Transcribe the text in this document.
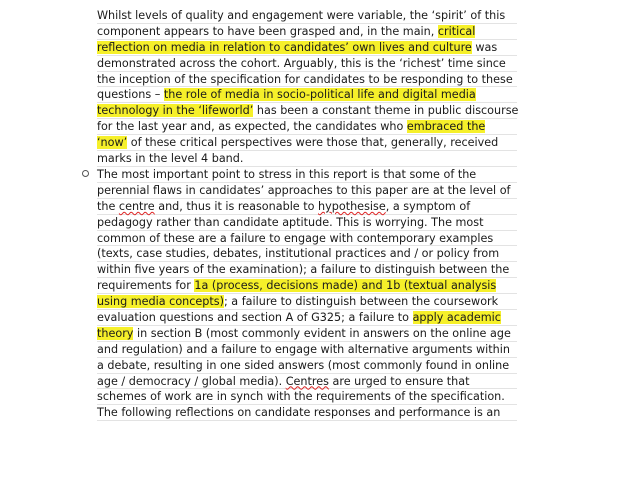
Whilst levels of quality and engagement were variable, the ‘spirit’ of this
component appears to have been grasped and, in the main, critical
reflection on media in relation to candidates’ own lives and culture was
demonstrated across the cohort. Arguably, this is the ‘richest’ time since
the inception of the specification for candidates to be responding to these
questions – the role of media in socio-political life and digital media
technology in the ‘lifeworld’ has been a constant theme in public discourse
for the last year and, as expected, the candidates who embraced the
‘now’ of these critical perspectives were those that, generally, received
marks in the level 4 band.
The most important point to stress in this report is that some of the
perennial flaws in candidates’ approaches to this paper are at the level of
the centre and, thus it is reasonable to hypothesise, a symptom of
pedagogy rather than candidate aptitude. This is worrying. The most
common of these are a failure to engage with contemporary examples
(texts, case studies, debates, institutional practices and / or policy from
within five years of the examination); a failure to distinguish between the
requirements for 1a (process, decisions made) and 1b (textual analysis
using media concepts); a failure to distinguish between the coursework
evaluation questions and section A of G325; a failure to apply academic
theory in section B (most commonly evident in answers on the online age
and regulation) and a failure to engage with alternative arguments within
a debate, resulting in one sided answers (most commonly found in online
age / democracy / global media). Centres are urged to ensure that
schemes of work are in synch with the requirements of the specification.
The following reflections on candidate responses and performance is an
